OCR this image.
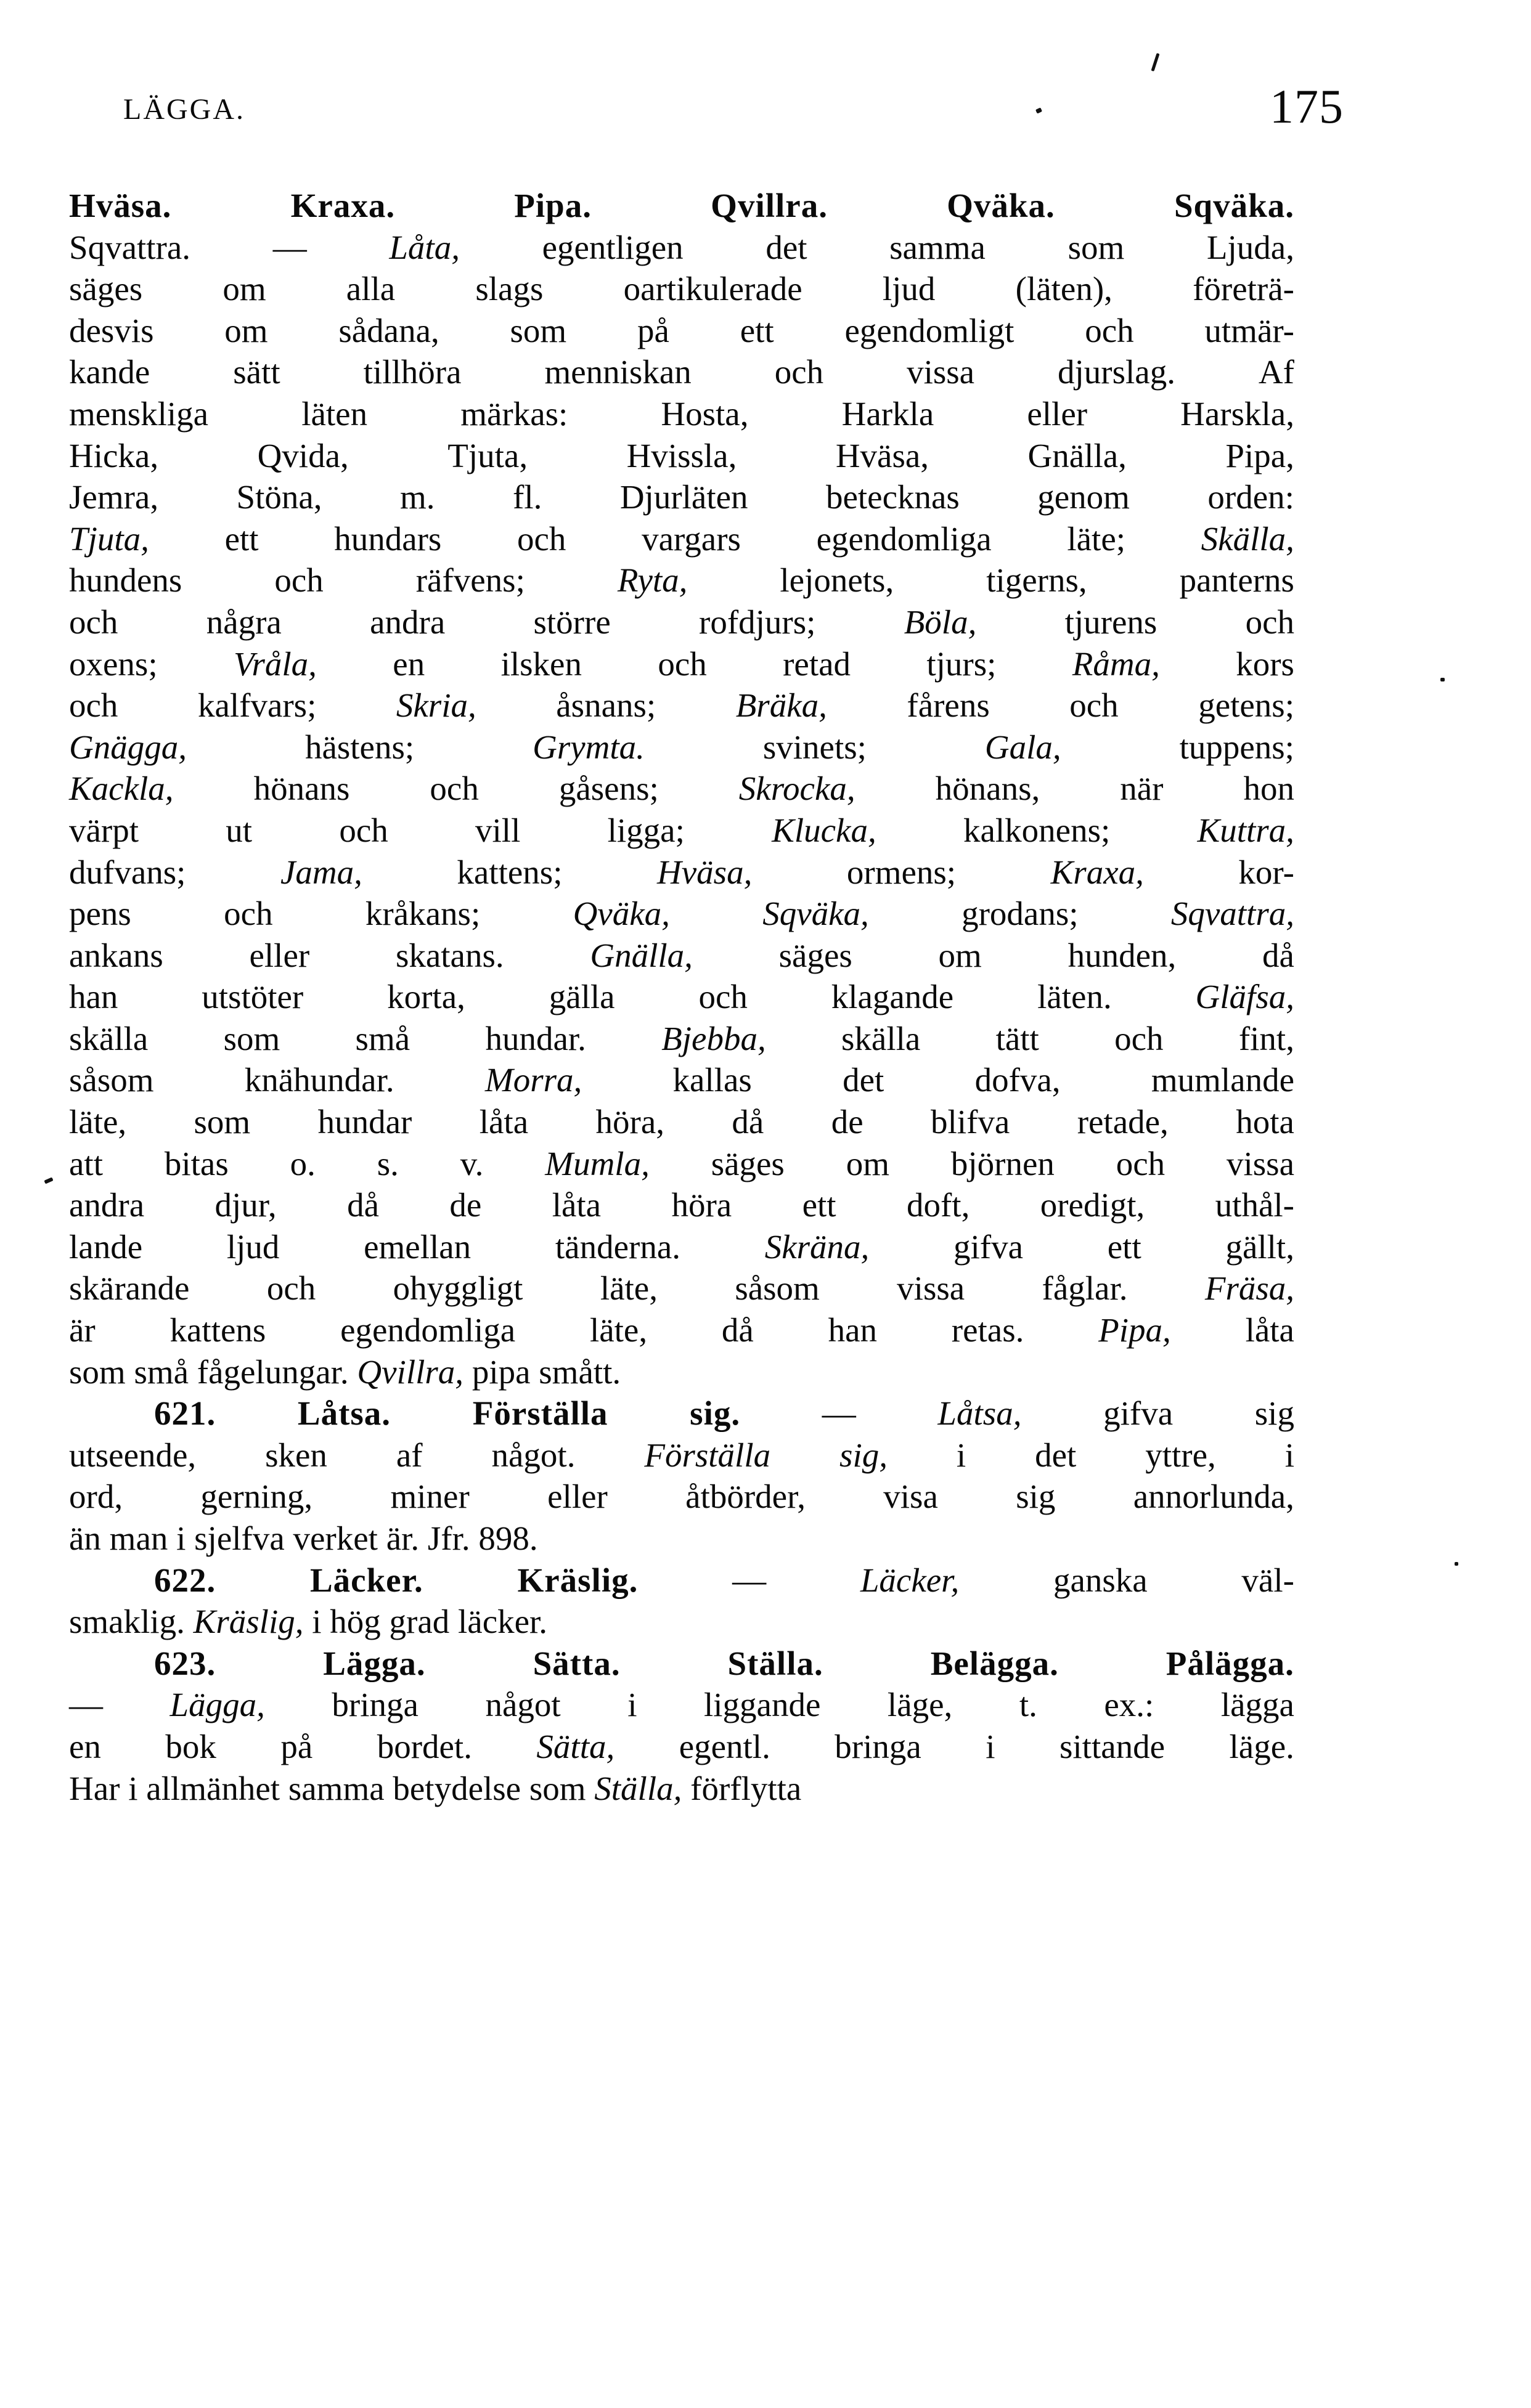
LÄGGA.	175
Hväsa.	Kraxa.	Pipa.	Qvillra.	Qväka.	Sqväka.
Sqvattra. — Låta, egentligen det samma som Ljuda,
säges om alla slags oartikulerade ljud (läten), företrä-
desvis om sådana, som på ett egendomligt och utmär-
kande sätt tillhöra menniskan och vissa djurslag. Af
menskliga	läten	märkas:	Hosta,	Harkla	eller	Harskla,
Hicka,	Qvida,	Tjuta,	Hvissla,	Hväsa,	Gnälla,	Pipa,
Jemra, Stöna, m. fl. Djurläten betecknas genom orden:
Tjuta, ett hundars och vargars egendomliga läte; Skälla,
hundens	och	räfvens;	Ryta,	lejonets,	tigerns,	panterns
och	några	andra	större	rofdjurs;	Böla,	tjurens	och
oxens; Vråla, en ilsken och retad tjurs; Råma, kors
och kalfvars; Skria, åsnans; Bräka, fårens och getens;
Gnägga,	hästens;	Grymta.	svinets;	Gala,	tuppens;
Kackla, hönans och gåsens; Skrocka, hönans, när hon
värpt	ut	och	vill	ligga;	Klucka,	kalkonens;	Kuttra,
dufvans;	Jama,	kattens;	Hväsa,	ormens;	Kraxa,	kor-
pens	och	kråkans;	Qväka,	Sqväka,	grodans;	Sqvattra,
ankans	eller	skatans.	Gnälla,	säges	om	hunden,	då
han utstöter korta, gälla och klagande läten. Gläfsa,
skälla som små hundar. Bjebba, skälla tätt och fint,
såsom	knähundar.	Morra,	kallas	det	dofva,	mumlande
läte, som hundar låta höra, då de blifva retade, hota
att bitas o. s. v. Mumla, säges om björnen och vissa
andra djur, då de låta höra ett doft, oredigt, uthål-
lande ljud emellan tänderna. Skräna, gifva ett gällt,
skärande och ohyggligt läte, såsom vissa fåglar. Fräsa,
är kattens egendomliga läte, då han retas. Pipa, låta
som små fågelungar. Qvillra, pipa smått.
621. Låtsa. Förställa sig. — Låtsa, gifva sig
utseende, sken af något. Förställa sig, i det yttre, i
ord, gerning, miner eller åtbörder, visa sig annorlunda,
än man i sjelfva verket är. Jfr. 898.
622.	Läcker.	Kräslig.	—	Läcker,	ganska	väl-
smaklig. Kräslig, i hög grad läcker.
623.	Lägga.	Sätta.	Ställa.	Belägga.	Pålägga.
— Lägga, bringa något i liggande läge, t. ex.: lägga
en bok på bordet. Sätta, egentl. bringa i sittande läge.
Har i allmänhet samma betydelse som Ställa, förflytta
